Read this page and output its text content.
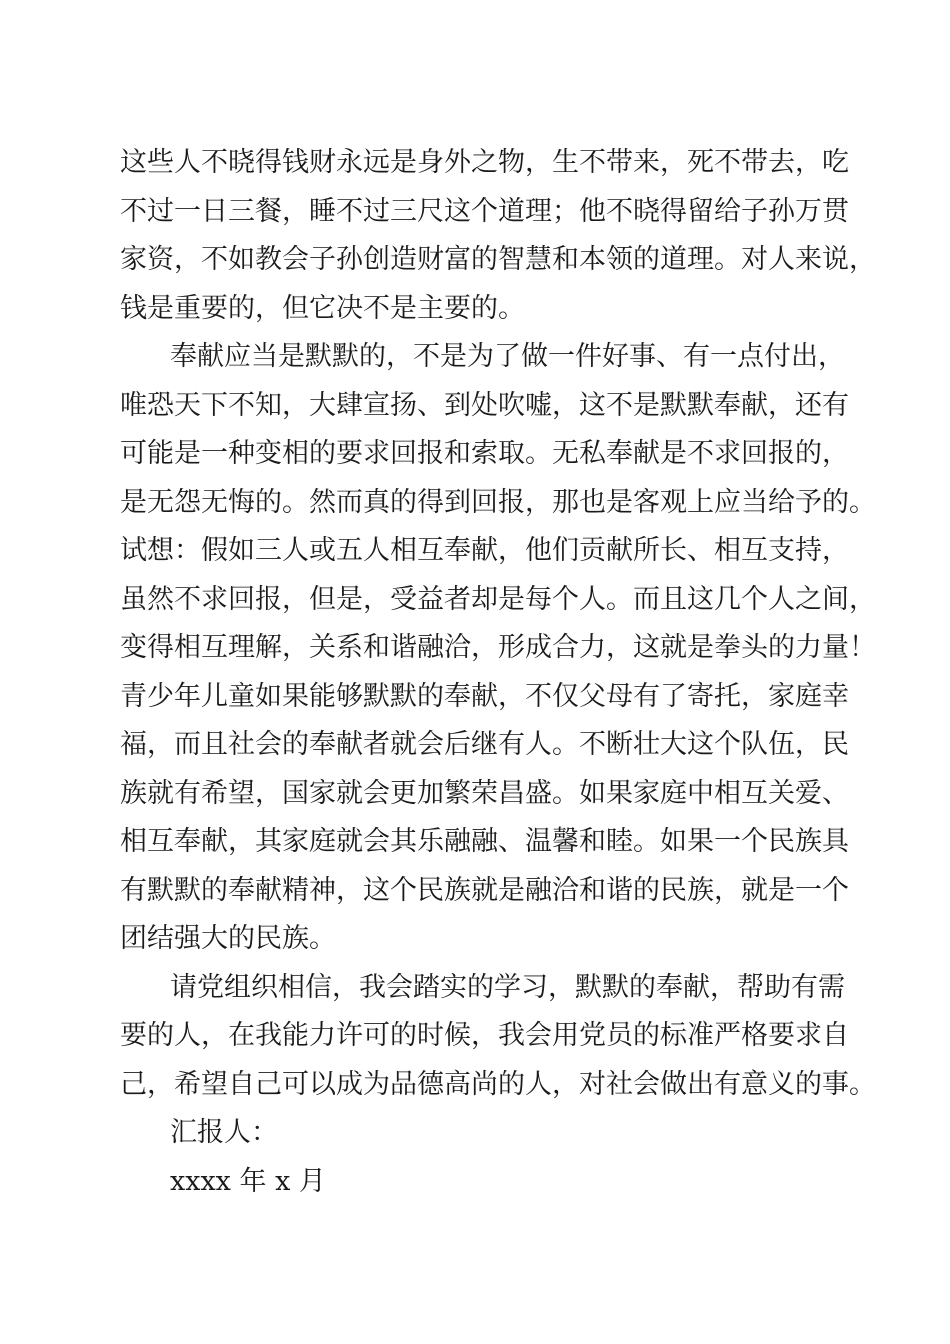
这些人不晓得钱财永远是身外之物，生不带来，死不带去，吃
不过一日三餐，睡不过三尺这个道理；他不晓得留给子孙万贯
家资，不如教会子孙创造财富的智慧和本领的道理。对人来说，
钱是重要的，但它决不是主要的。
奉献应当是默默的，不是为了做一件好事、有一点付出，
唯恐天下不知，大肆宣扬、到处吹嘘，这不是默默奉献，还有
可能是一种变相的要求回报和索取。无私奉献是不求回报的，
是无怨无悔的。然而真的得到回报，那也是客观上应当给予的。
试想：假如三人或五人相互奉献，他们贡献所长、相互支持，
虽然不求回报，但是，受益者却是每个人。而且这几个人之间，
变得相互理解，关系和谐融洽，形成合力，这就是拳头的力量！
青少年儿童如果能够默默的奉献，不仅父母有了寄托，家庭幸
福，而且社会的奉献者就会后继有人。不断壮大这个队伍，民
族就有希望，国家就会更加繁荣昌盛。如果家庭中相互关爱、
相互奉献，其家庭就会其乐融融、温馨和睦。如果一个民族具
有默默的奉献精神，这个民族就是融洽和谐的民族，就是一个
团结强大的民族。
请党组织相信，我会踏实的学习，默默的奉献，帮助有需
要的人，在我能力许可的时候，我会用党员的标准严格要求自
己，希望自己可以成为品德高尚的人，对社会做出有意义的事。
汇报人：
xxxx 年 x 月
